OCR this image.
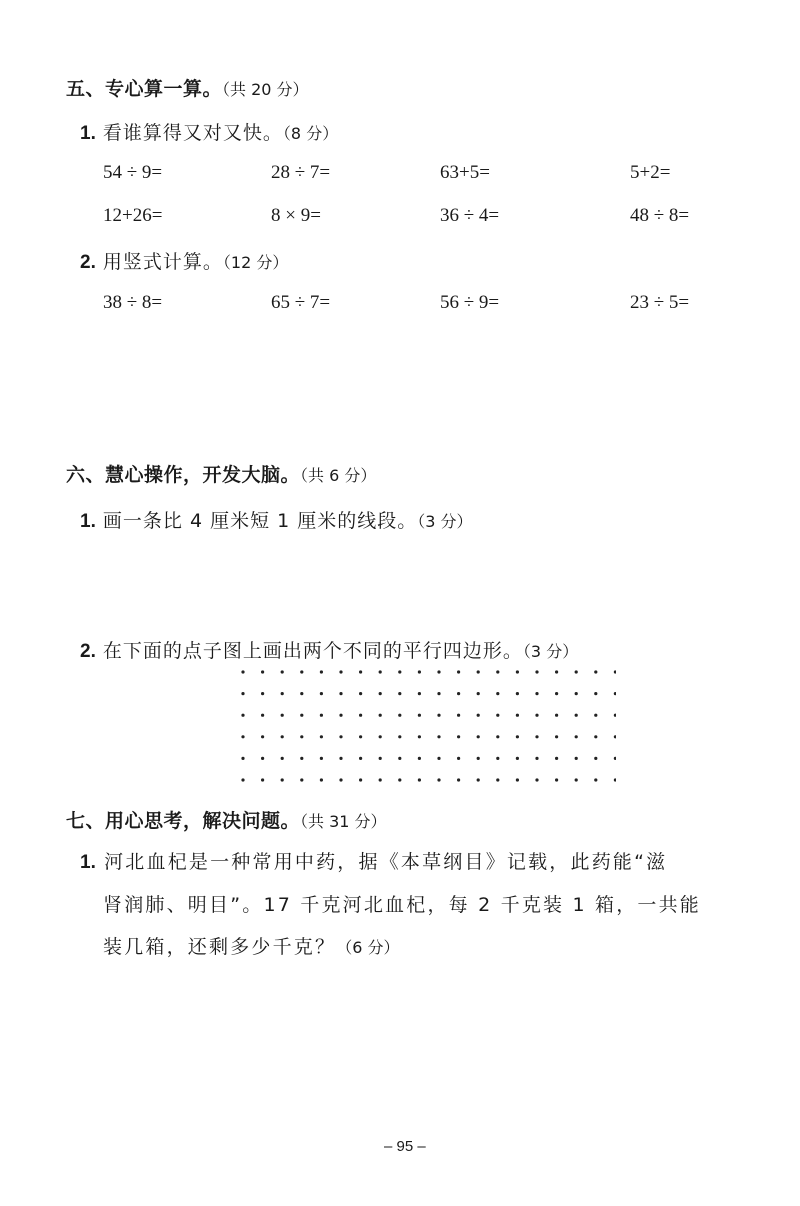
五、专心算一算。（共 20 分）
1. 看谁算得又对又快。（8 分）
54 ÷ 9=	28 ÷ 7=	63+5=	5+2=
12+26=	8 × 9=	36 ÷ 4=	48 ÷ 8=
2. 用竖式计算。（12 分）
38 ÷ 8=	65 ÷ 7=	56 ÷ 9=	23 ÷ 5=
六、慧心操作，开发大脑。（共 6 分）
1. 画一条比 4 厘米短 1 厘米的线段。（3 分）
2. 在下面的点子图上画出两个不同的平行四边形。（3 分）
七、用心思考，解决问题。（共 31 分）
1. 河北血杞是一种常用中药，据《本草纲目》记载，此药能“滋
肾润肺、明目”。17 千克河北血杞，每 2 千克装 1 箱，一共能
装几箱，还剩多少千克？（6 分）
– 95 –
